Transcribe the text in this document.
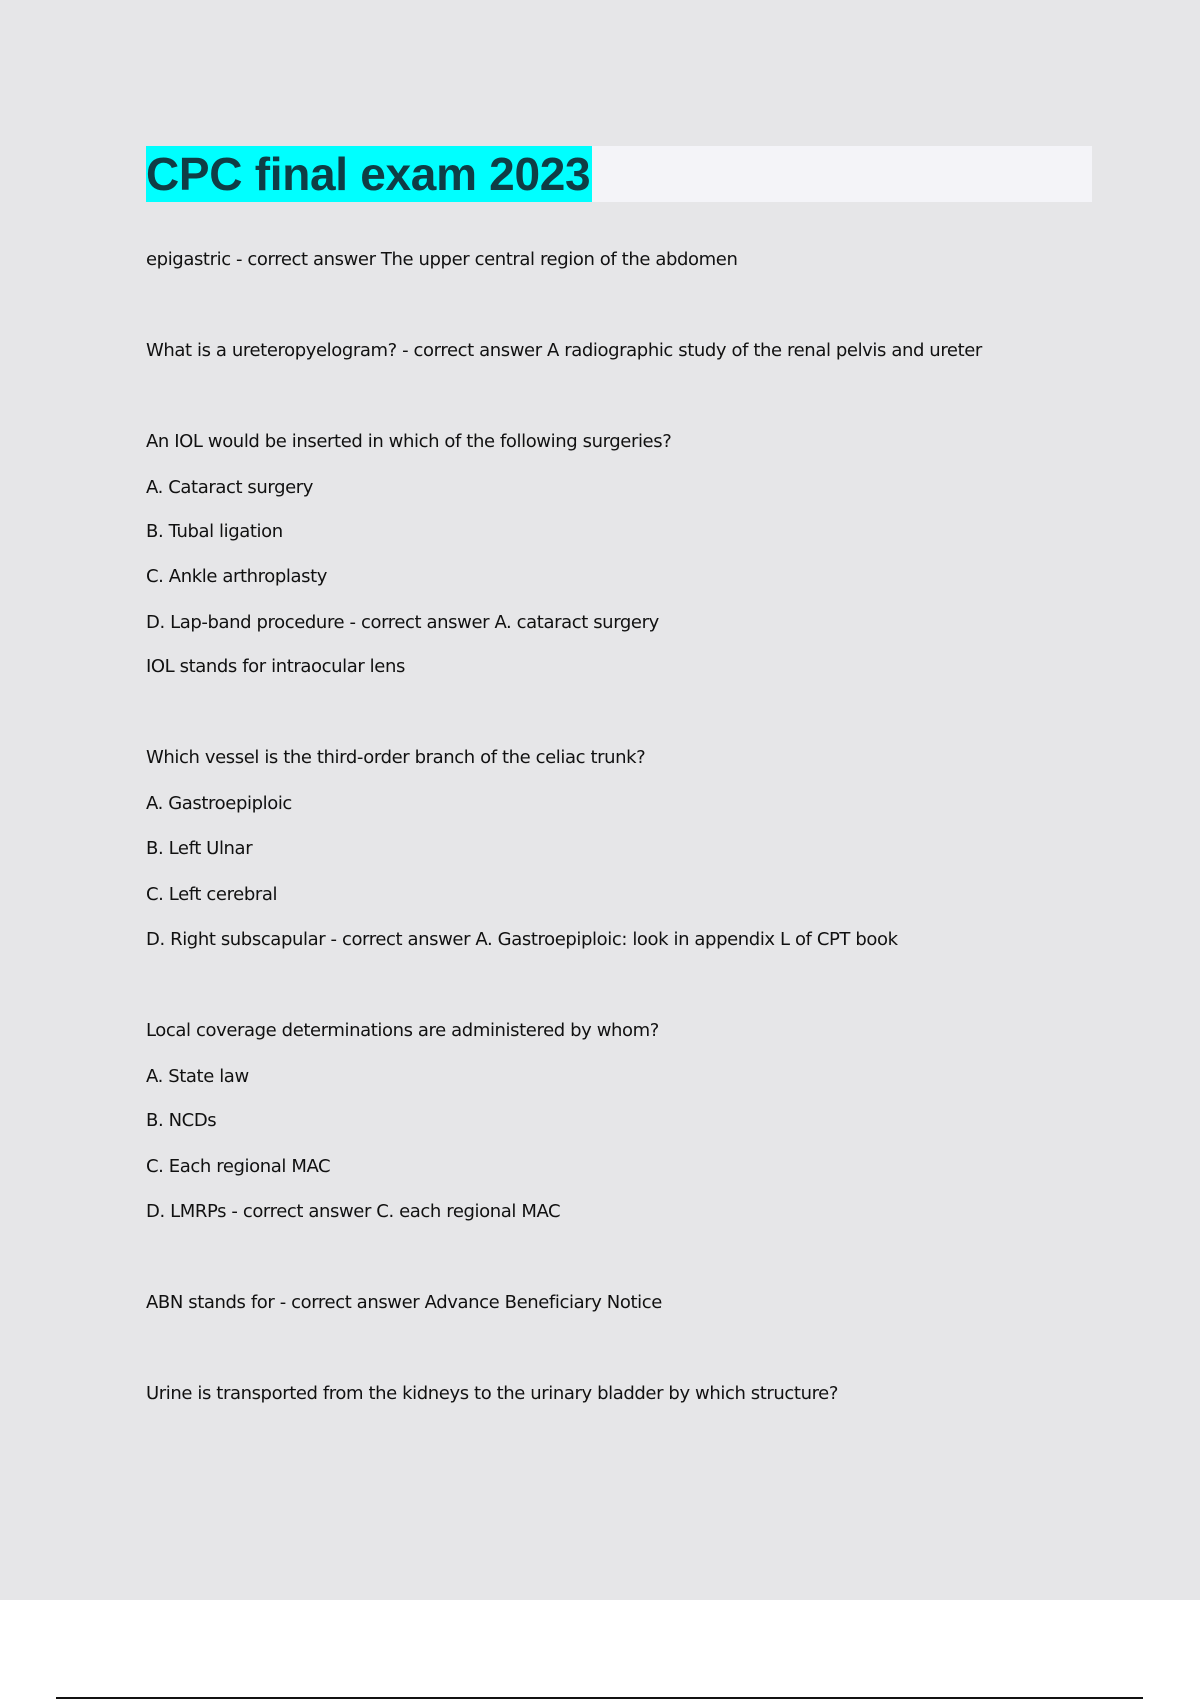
CPC final exam 2023

epigastric - correct answer The upper central region of the abdomen

What is a ureteropyelogram? - correct answer A radiographic study of the renal pelvis and ureter

An IOL would be inserted in which of the following surgeries?

A. Cataract surgery

B. Tubal ligation

C. Ankle arthroplasty

D. Lap-band procedure - correct answer A. cataract surgery

IOL stands for intraocular lens

Which vessel is the third-order branch of the celiac trunk?

A. Gastroepiploic

B. Left Ulnar

C. Left cerebral

D. Right subscapular - correct answer A. Gastroepiploic: look in appendix L of CPT book

Local coverage determinations are administered by whom?

A. State law

B. NCDs

C. Each regional MAC

D. LMRPs - correct answer C. each regional MAC

ABN stands for - correct answer Advance Beneficiary Notice

Urine is transported from the kidneys to the urinary bladder by which structure?
